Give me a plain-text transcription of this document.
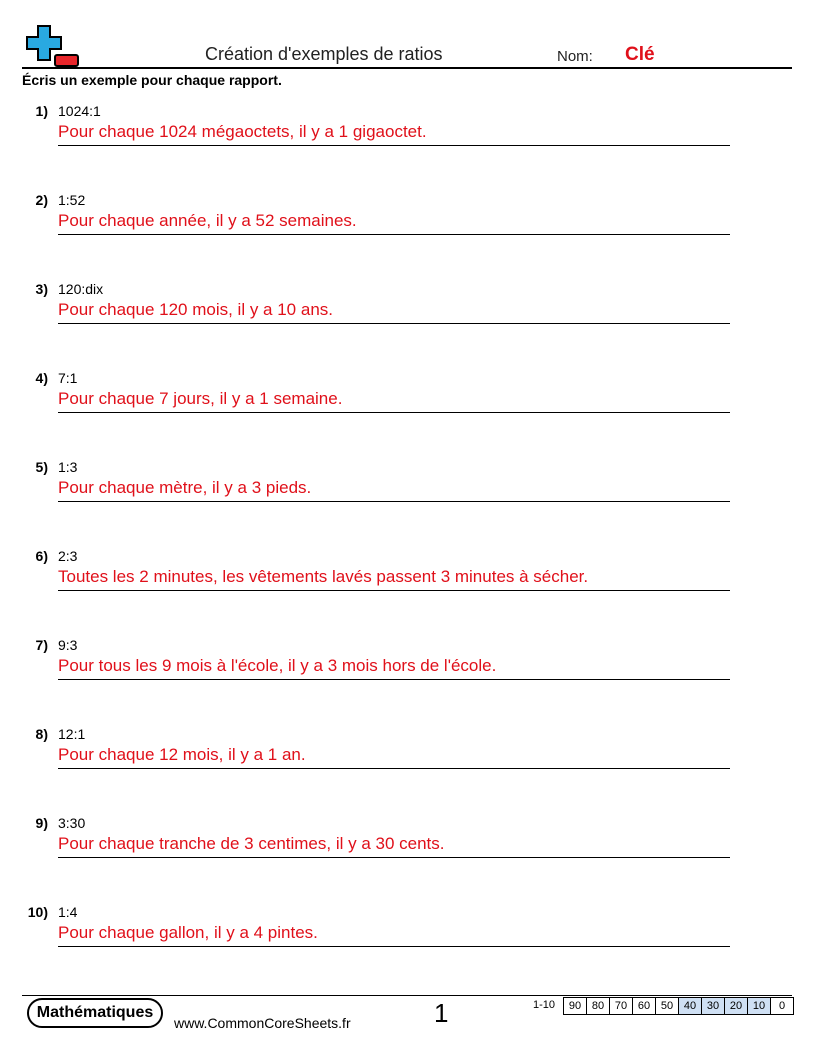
Création d'exemples de ratios	Nom: Clé
Écris un exemple pour chaque rapport.
1) 1024:1
Pour chaque 1024 mégaoctets, il y a 1 gigaoctet.
2) 1:52
Pour chaque année, il y a 52 semaines.
3) 120:dix
Pour chaque 120 mois, il y a 10 ans.
4) 7:1
Pour chaque 7 jours, il y a 1 semaine.
5) 1:3
Pour chaque mètre, il y a 3 pieds.
6) 2:3
Toutes les 2 minutes, les vêtements lavés passent 3 minutes à sécher.
7) 9:3
Pour tous les 9 mois à l'école, il y a 3 mois hors de l'école.
8) 12:1
Pour chaque 12 mois, il y a 1 an.
9) 3:30
Pour chaque tranche de 3 centimes, il y a 30 cents.
10) 1:4
Pour chaque gallon, il y a 4 pintes.
Mathématiques
www.CommonCoreSheets.fr	1	1-10	90 80 70 60 50 40 30 20 10	0
